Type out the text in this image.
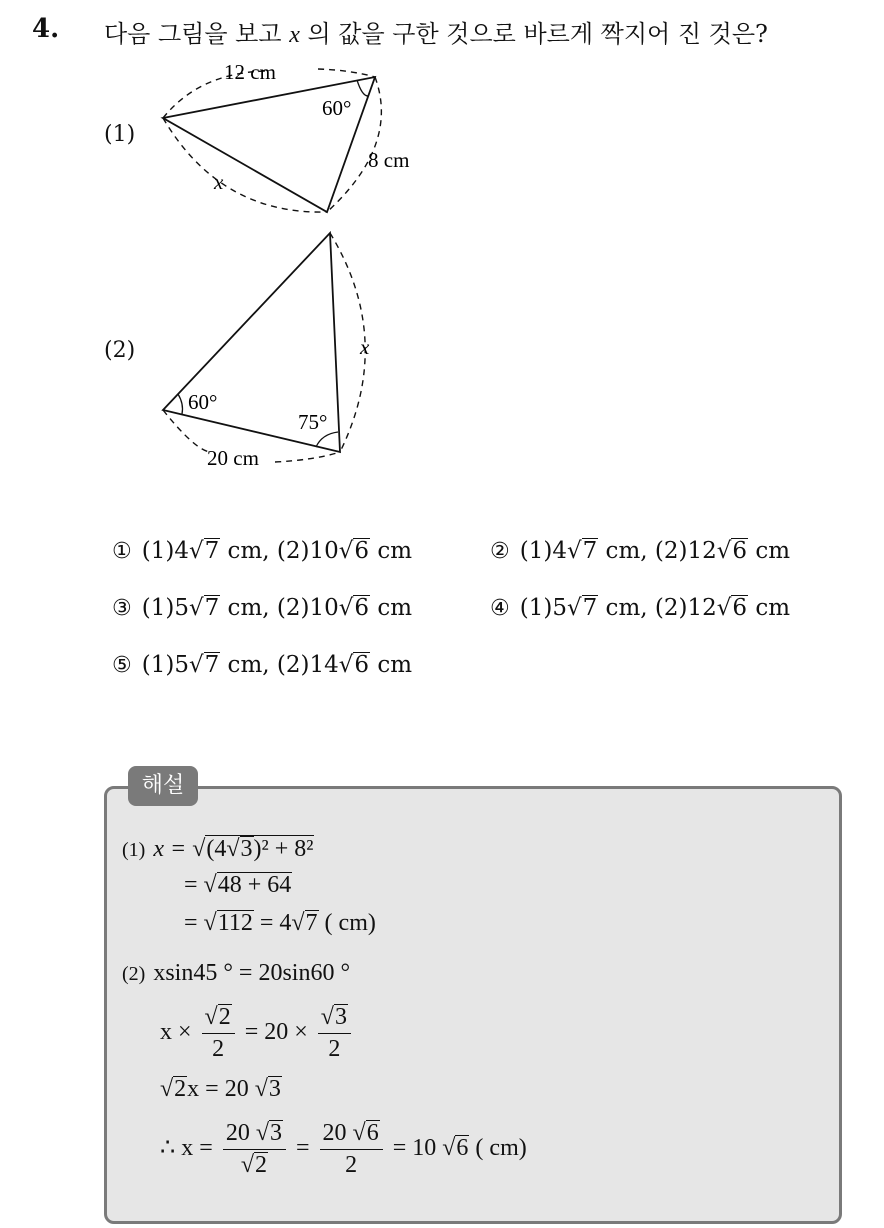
4. 다음 그림을 보고 x 의 값을 구한 것으로 바르게 짝지어 진 것은?
(1)
12 cm
60°
8 cm
x
60°
75°
20 cm
x
(2)
① (1)4√7 cm, (2)10√6 cm	② (1)4√7 cm, (2)12√6 cm
③ (1)5√7 cm, (2)10√6 cm	④ (1)5√7 cm, (2)12√6 cm
⑤ (1)5√7 cm, (2)14√6 cm
해설
(1) x = √(4√3)² + 8²
= √48 + 64
= √112 = 4√7 ( cm)
(2) xsin45 ° = 20sin60 °
$x \times \frac{√2}{2} = 20 \times \frac{√3}{2}$
√2x = 20 √3
∴ $x = \frac{20 √3}{√2} = \frac{20 √6}{2} = 10$ √6 ( cm)
